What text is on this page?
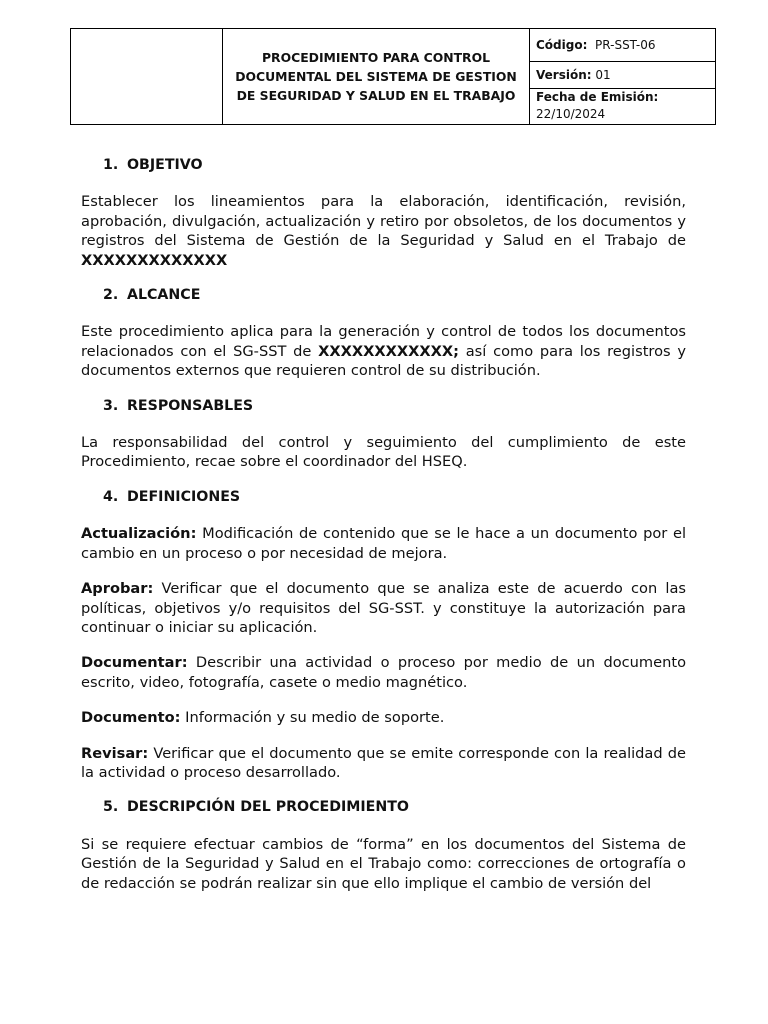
	PROCEDIMIENTO PARA CONTROL DOCUMENTAL DEL SISTEMA DE GESTION DE SEGURIDAD Y SALUD EN EL TRABAJO	Código: PR-SST-06
Versión: 01
Fecha de Emisión:
22/10/2024
1. OBJETIVO

Establecer los lineamientos para la elaboración, identificación, revisión, aprobación, divulgación, actualización y retiro por obsoletos, de los documentos y registros del Sistema de Gestión de la Seguridad y Salud en el Trabajo de XXXXXXXXXXXXX

2. ALCANCE

Este procedimiento aplica para la generación y control de todos los documentos relacionados con el SG-SST de XXXXXXXXXXXX; así como para los registros y documentos externos que requieren control de su distribución.

3. RESPONSABLES

La responsabilidad del control y seguimiento del cumplimiento de este Procedimiento, recae sobre el coordinador del HSEQ.

4. DEFINICIONES

Actualización: Modificación de contenido que se le hace a un documento por el cambio en un proceso o por necesidad de mejora.

Aprobar: Verificar que el documento que se analiza este de acuerdo con las políticas, objetivos y/o requisitos del SG-SST. y constituye la autorización para continuar o iniciar su aplicación.

Documentar: Describir una actividad o proceso por medio de un documento escrito, video, fotografía, casete o medio magnético.

Documento: Información y su medio de soporte.

Revisar: Verificar que el documento que se emite corresponde con la realidad de la actividad o proceso desarrollado.

5. DESCRIPCIÓN DEL PROCEDIMIENTO

Si se requiere efectuar cambios de “forma” en los documentos del Sistema de Gestión de la Seguridad y Salud en el Trabajo como: correcciones de ortografía o de redacción se podrán realizar sin que ello implique el cambio de versión del
